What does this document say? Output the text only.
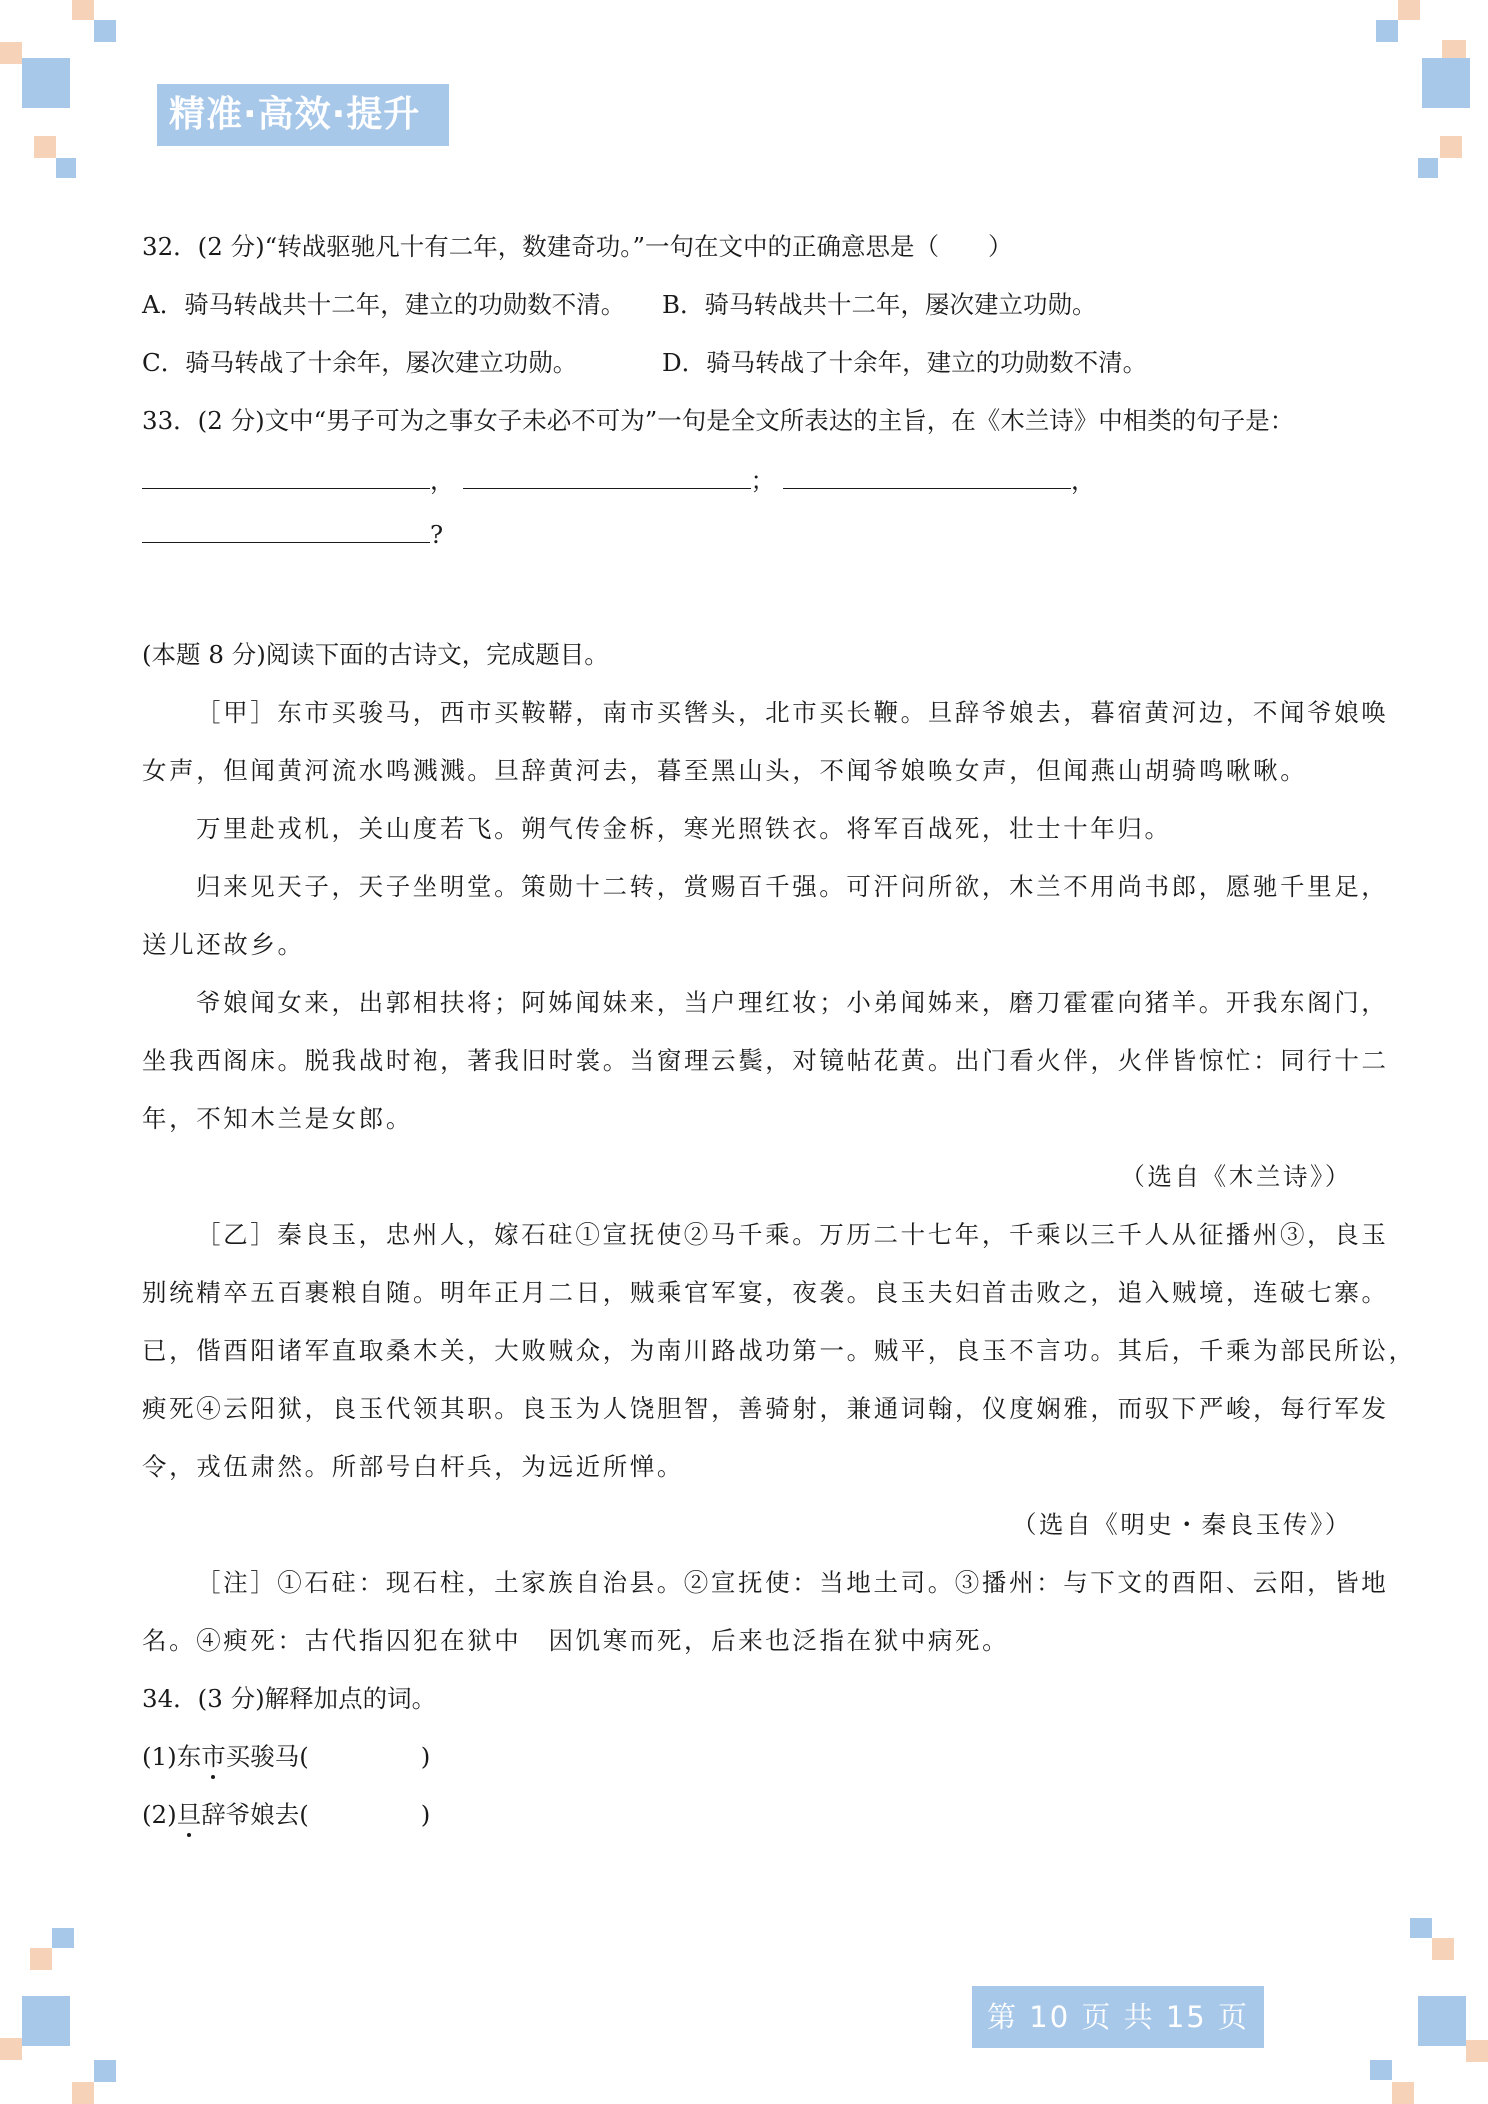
精准·高效·提升
32．(2 分)“转战驱驰凡十有二年，数建奇功。”一句在文中的正确意思是（　　）
A．骑马转战共十二年，建立的功勋数不清。 B．骑马转战共十二年，屡次建立功勋。
C．骑马转战了十余年，屡次建立功勋。	D．骑马转战了十余年，建立的功勋数不清。
33．(2 分)文中“男子可为之事女子未必不可为”一句是全文所表达的主旨，在《木兰诗》中相类的句子是：
，	；	，
?
(本题 8 分)阅读下面的古诗文，完成题目。
［甲］东市买骏马，西市买鞍鞯，南市买辔头，北市买长鞭。旦辞爷娘去，暮宿黄河边，不闻爷娘唤
女声，但闻黄河流水鸣溅溅。旦辞黄河去，暮至黑山头，不闻爷娘唤女声，但闻燕山胡骑鸣啾啾。
万里赴戎机，关山度若飞。朔气传金柝，寒光照铁衣。将军百战死，壮士十年归。
归来见天子，天子坐明堂。策勋十二转，赏赐百千强。可汗问所欲，木兰不用尚书郎，愿驰千里足，
送儿还故乡。
爷娘闻女来，出郭相扶将；阿姊闻妹来，当户理红妆；小弟闻姊来，磨刀霍霍向猪羊。开我东阁门，
坐我西阁床。脱我战时袍，著我旧时裳。当窗理云鬓，对镜帖花黄。出门看火伴，火伴皆惊忙：同行十二
年，不知木兰是女郎。
（选自《木兰诗》）
［乙］秦良玉，忠州人，嫁石砫①宣抚使②马千乘。万历二十七年，千乘以三千人从征播州③，良玉
别统精卒五百裹粮自随。明年正月二日，贼乘官军宴，夜袭。良玉夫妇首击败之，追入贼境，连破七寨。
已，偕酉阳诸军直取桑木关，大败贼众，为南川路战功第一。贼平，良玉不言功。其后，千乘为部民所讼，
瘐死④云阳狱，良玉代领其职。良玉为人饶胆智，善骑射，兼通词翰，仪度娴雅，而驭下严峻，每行军发
令，戎伍肃然。所部号白杆兵，为远近所惮。
（选自《明史・秦良玉传》）
［注］①石砫：现石柱，土家族自治县。②宣抚使：当地土司。③播州：与下文的酉阳、云阳，皆地
名。④瘐死：古代指囚犯在狱中　因饥寒而死，后来也泛指在狱中病死。
34．(3 分)解释加点的词。
(1)东市买骏马(	)
(2)旦辞爷娘去(	)
第 10 页 共 15 页
